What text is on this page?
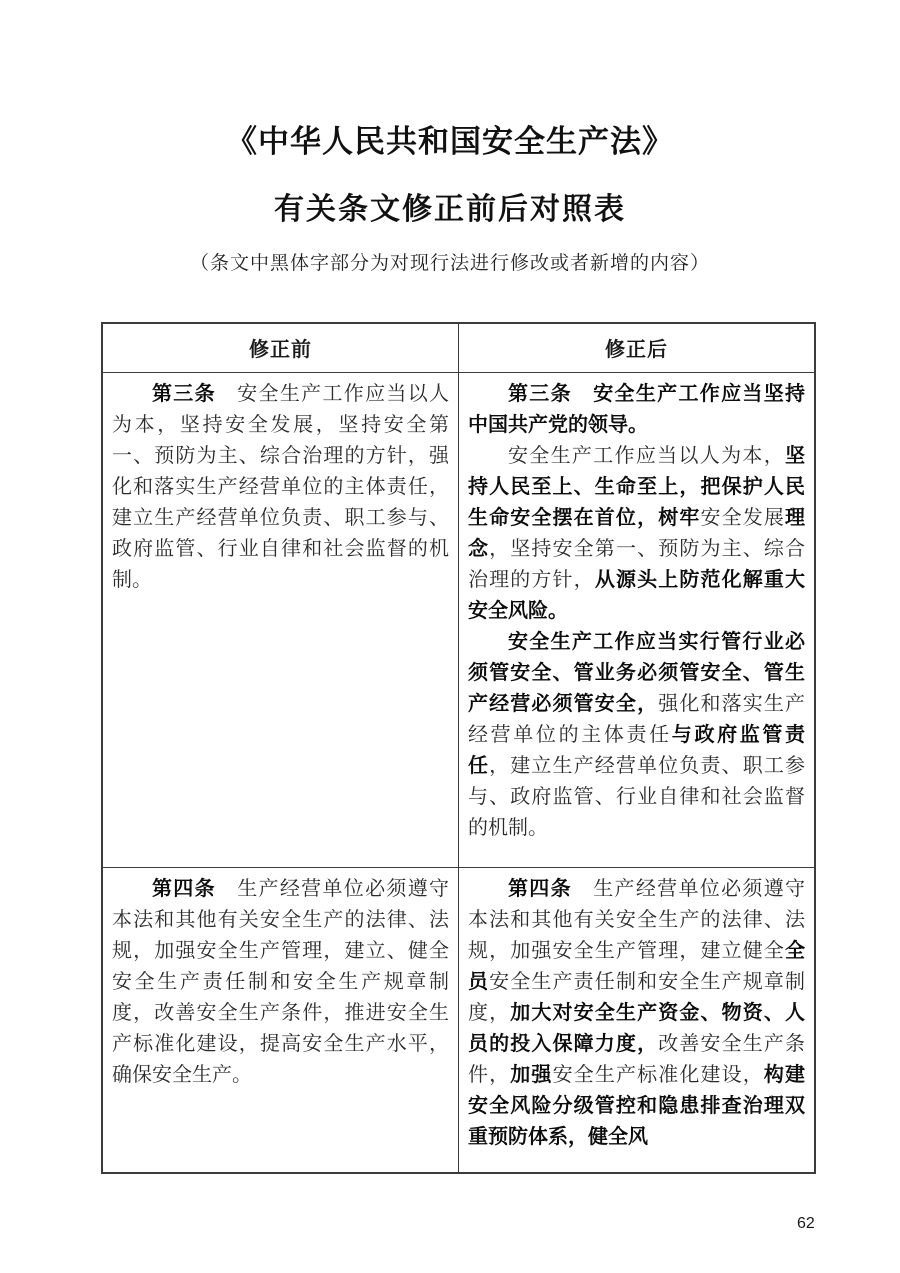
《中华人民共和国安全生产法》
有关条文修正前后对照表

（条文中黑体字部分为对现行法进行修改或者新增的内容）

修正前	修正后

第三条　安全生产工作应当以人为本，坚持安全发展，坚持安全第一、预防为主、综合治理的方针，强化和落实生产经营单位的主体责任，建立生产经营单位负责、职工参与、政府监管、行业自律和社会监督的机制。	第三条　安全生产工作应当坚持中国共产党的领导。
安全生产工作应当以人为本，坚持人民至上、生命至上，把保护人民生命安全摆在首位，树牢安全发展理念，坚持安全第一、预防为主、综合治理的方针，从源头上防范化解重大安全风险。
安全生产工作应当实行管行业必须管安全、管业务必须管安全、管生产经营必须管安全，强化和落实生产经营单位的主体责任与政府监管责任，建立生产经营单位负责、职工参与、政府监管、行业自律和社会监督的机制。

第四条　生产经营单位必须遵守本法和其他有关安全生产的法律、法规，加强安全生产管理，建立、健全安全生产责任制和安全生产规章制度，改善安全生产条件，推进安全生产标准化建设，提高安全生产水平，确保安全生产。	第四条　生产经营单位必须遵守本法和其他有关安全生产的法律、法规，加强安全生产管理，建立健全全员安全生产责任制和安全生产规章制度，加大对安全生产资金、物资、人员的投入保障力度，改善安全生产条件，加强安全生产标准化建设，构建安全风险分级管控和隐患排查治理双重预防体系，健全风
62
